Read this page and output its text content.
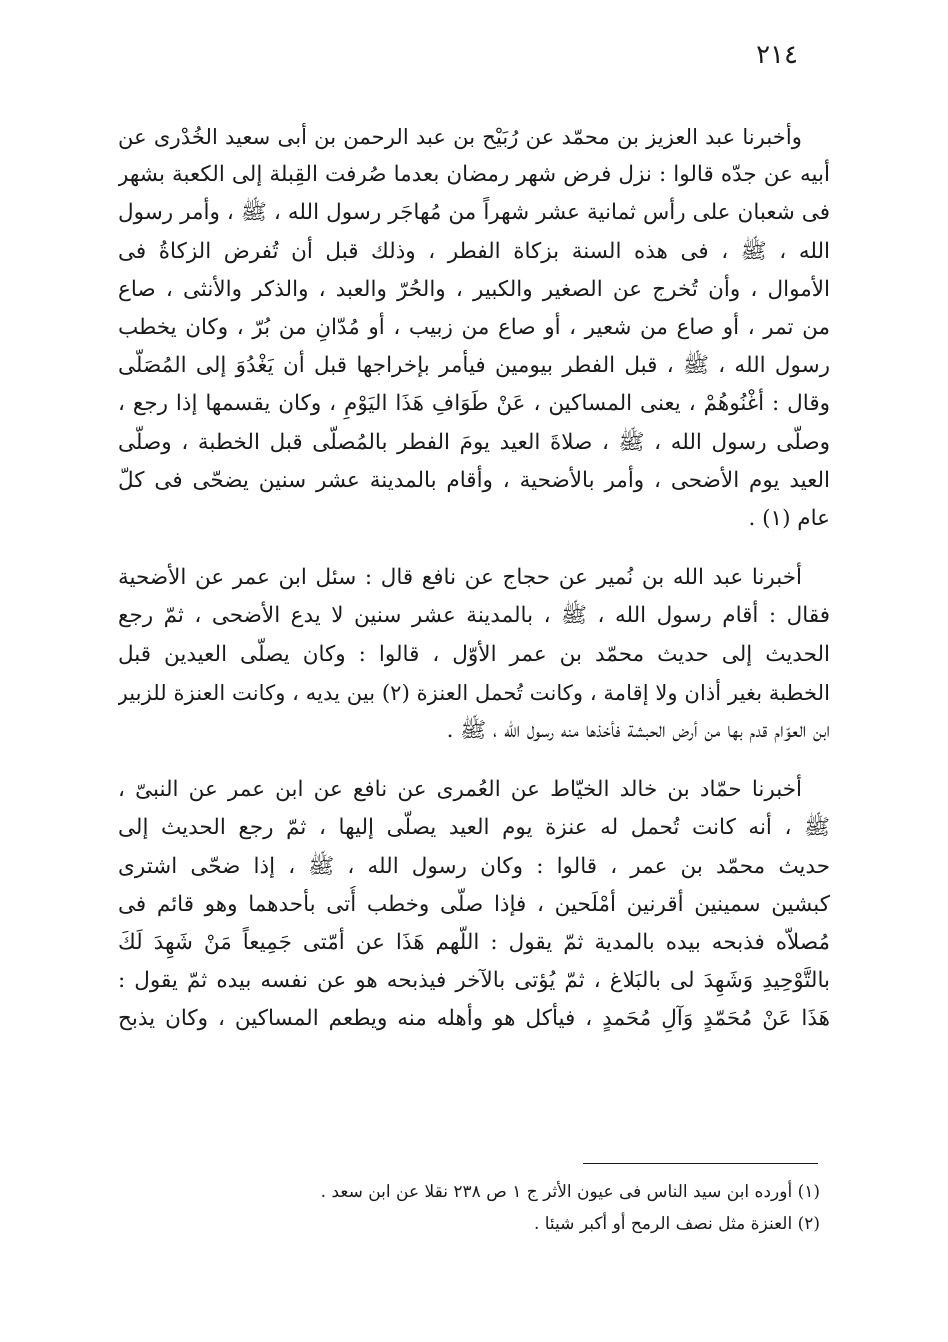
٢١٤
وأخبرنا عبد العزيز بن محمّد عن رُبَيْح بن عبد الرحمن بن أبى سعيد الخُدْرى عن
أبيه عن جدّه قالوا : نزل فرض شهر رمضان بعدما صُرفت القِبلة إلى الكعبة بشهر
فى شعبان على رأس ثمانية عشر شهراً من مُهاجَر رسول الله ، ﷺ ، وأمر رسول
الله ، ﷺ ، فى هذه السنة بزكاة الفطر ، وذلك قبل أن تُفرض الزكاةُ فى
الأموال ، وأن تُخرج عن الصغير والكبير ، والحُرّ والعبد ، والذكر والأنثى ، صاع
من تمر ، أو صاع من شعير ، أو صاع من زبيب ، أو مُدّانِ من بُرّ ، وكان يخطب
رسول الله ، ﷺ ، قبل الفطر بيومين فيأمر بإخراجها قبل أن يَغْدُوَ إلى المُصَلّى
وقال : أغْنُوهُمْ ، يعنى المساكين ، عَنْ طَوَافِ هَذَا اليَوْمِ ، وكان يقسمها إذا رجع ،
وصلّى رسول الله ، ﷺ ، صلاةَ العيد يومَ الفطر بالمُصلّى قبل الخطبة ، وصلّى
العيد يوم الأضحى ، وأمر بالأضحية ، وأقام بالمدينة عشر سنين يضحّى فى كلّ
عام (١) .
أخبرنا عبد الله بن نُمير عن حجاج عن نافع قال : سئل ابن عمر عن الأضحية
فقال : أقام رسول الله ، ﷺ ، بالمدينة عشر سنين لا يدع الأضحى ، ثمّ رجع
الحديث إلى حديث محمّد بن عمر الأوّل ، قالوا : وكان يصلّى العيدين قبل
الخطبة بغير أذان ولا إقامة ، وكانت تُحمل العنزة (٢) بين يديه ، وكانت العنزة للزبير
ابن العوّام قدم بها من أرض الحبشة فأخذها منه رسول الله ، ﷺ .
أخبرنا حمّاد بن خالد الخيّاط عن العُمرى عن نافع عن ابن عمر عن النبىّ ،
ﷺ ، أنه كانت تُحمل له عنزة يوم العيد يصلّى إليها ، ثمّ رجع الحديث إلى
حديث محمّد بن عمر ، قالوا : وكان رسول الله ، ﷺ ، إذا ضحّى اشترى
كبشين سمينين أقرنين أمْلَحين ، فإذا صلّى وخطب أُتى بأحدهما وهو قائم فى
مُصلاّه فذبحه بيده بالمدية ثمّ يقول : اللّهم هَذَا عن أمّتى جَمِيعاً مَنْ شَهِدَ لَكَ
بالتَّوْحِيدِ وَشَهِدَ لى بالبَلاغ ، ثمّ يُؤتى بالآخر فيذبحه هو عن نفسه بيده ثمّ يقول :
هَذَا عَنْ مُحَمّدٍ وَآلِ مُحَمدٍ ، فيأكل هو وأهله منه ويطعم المساكين ، وكان يذبح
(١) أورده ابن سيد الناس فى عيون الأثر ج ١ ص ٢٣٨ نقلا عن ابن سعد .
(٢) العنزة مثل نصف الرمح أو أكبر شيئا .
